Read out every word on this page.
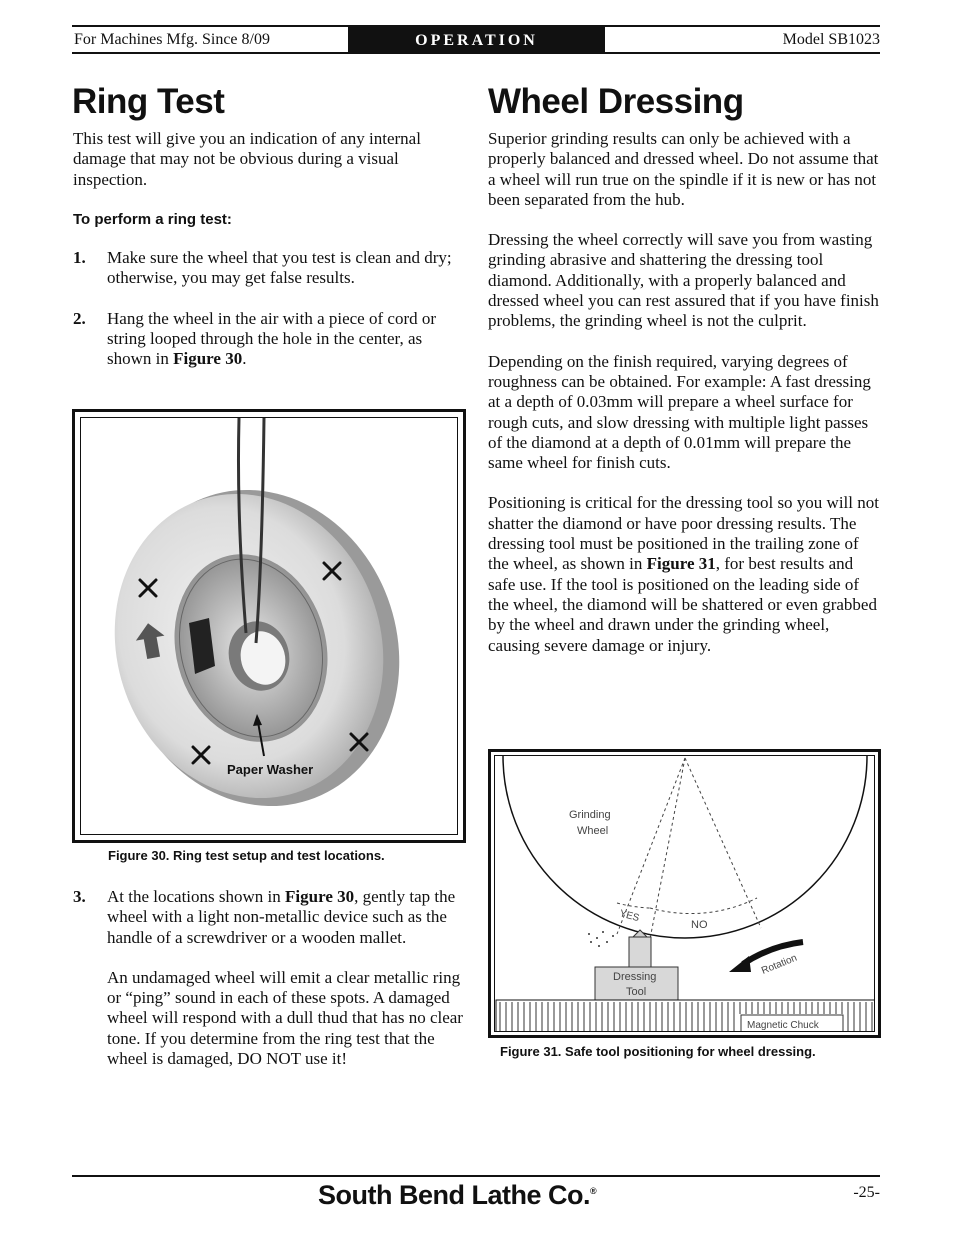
For Machines Mfg. Since 8/09	OPERATION	Model SB1023
Ring Test

This test will give you an indication of any internal damage that may not be obvious during a visual inspection.

To perform a ring test:

1. Make sure the wheel that you test is clean and dry; otherwise, you may get false results.
2. Hang the wheel in the air with a piece of cord or string looped through the hole in the center, as shown in Figure 30.
Paper Washer
Figure 30. Ring test setup and test locations.
3. At the locations shown in Figure 30, gently tap the wheel with a light non-metallic device such as the handle of a screwdriver or a wooden mallet.
An undamaged wheel will emit a clear metallic ring or “ping” sound in each of these spots. A damaged wheel will respond with a dull thud that has no clear tone. If you determine from the ring test that the wheel is damaged, DO NOT use it!
Wheel Dressing

Superior grinding results can only be achieved with a properly balanced and dressed wheel. Do not assume that a wheel will run true on the spindle if it is new or has not been separated from the hub.

Dressing the wheel correctly will save you from wasting grinding abrasive and shattering the dressing tool diamond. Additionally, with a properly balanced and dressed wheel you can rest assured that if you have finish problems, the grinding wheel is not the culprit.

Depending on the finish required, varying degrees of roughness can be obtained. For example: A fast dressing at a depth of 0.03mm will prepare a wheel surface for rough cuts, and slow dressing with multiple light passes of the diamond at a depth of 0.01mm will prepare the same wheel for finish cuts.

Positioning is critical for the dressing tool so you will not shatter the diamond or have poor dressing results. The dressing tool must be positioned in the trailing zone of the wheel, as shown in Figure 31, for best results and safe use. If the tool is positioned on the leading side of the wheel, the diamond will be shattered or even grabbed by the wheel and drawn under the grinding wheel, causing severe damage or injury.

Grinding
Wheel
YES
NO
Dressing
Tool
Rotation
Magnetic Chuck
Figure 31. Safe tool positioning for wheel dressing.
South Bend Lathe Co.®	-25-
